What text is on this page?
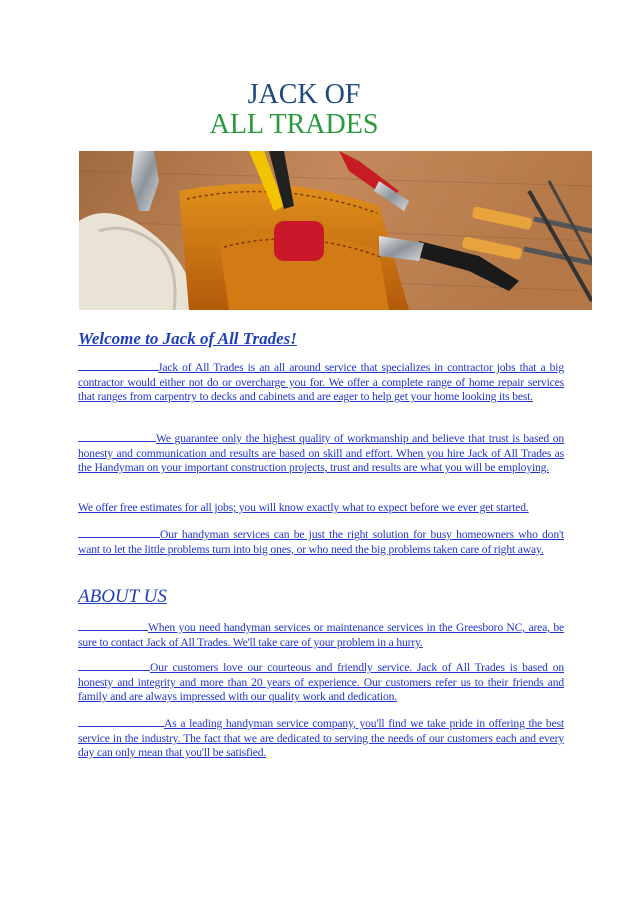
JACK OF
ALL TRADES
Welcome to Jack of All Trades!

Jack of All Trades is an all around service that specializes in contractor jobs that a big contractor would either not do or overcharge you for. We offer a complete range of home repair services that ranges from carpentry to decks and cabinets and are eager to help get your home looking its best.

We guarantee only the highest quality of workmanship and believe that trust is based on honesty and communication and results are based on skill and effort. When you hire Jack of All Trades as the Handyman on your important construction projects, trust and results are what you will be employing.

We offer free estimates for all jobs; you will know exactly what to expect before we ever get started.

Our handyman services can be just the right solution for busy homeowners who don't want to let the little problems turn into big ones, or who need the big problems taken care of right away.

ABOUT US

When you need handyman services or maintenance services in the Greesboro NC, area, be sure to contact Jack of All Trades. We'll take care of your problem in a hurry.

Our customers love our courteous and friendly service. Jack of All Trades is based on honesty and integrity and more than 20 years of experience. Our customers refer us to their friends and family and are always impressed with our quality work and dedication.

As a leading handyman service company, you'll find we take pride in offering the best service in the industry. The fact that we are dedicated to serving the needs of our customers each and every day can only mean that you'll be satisfied.
